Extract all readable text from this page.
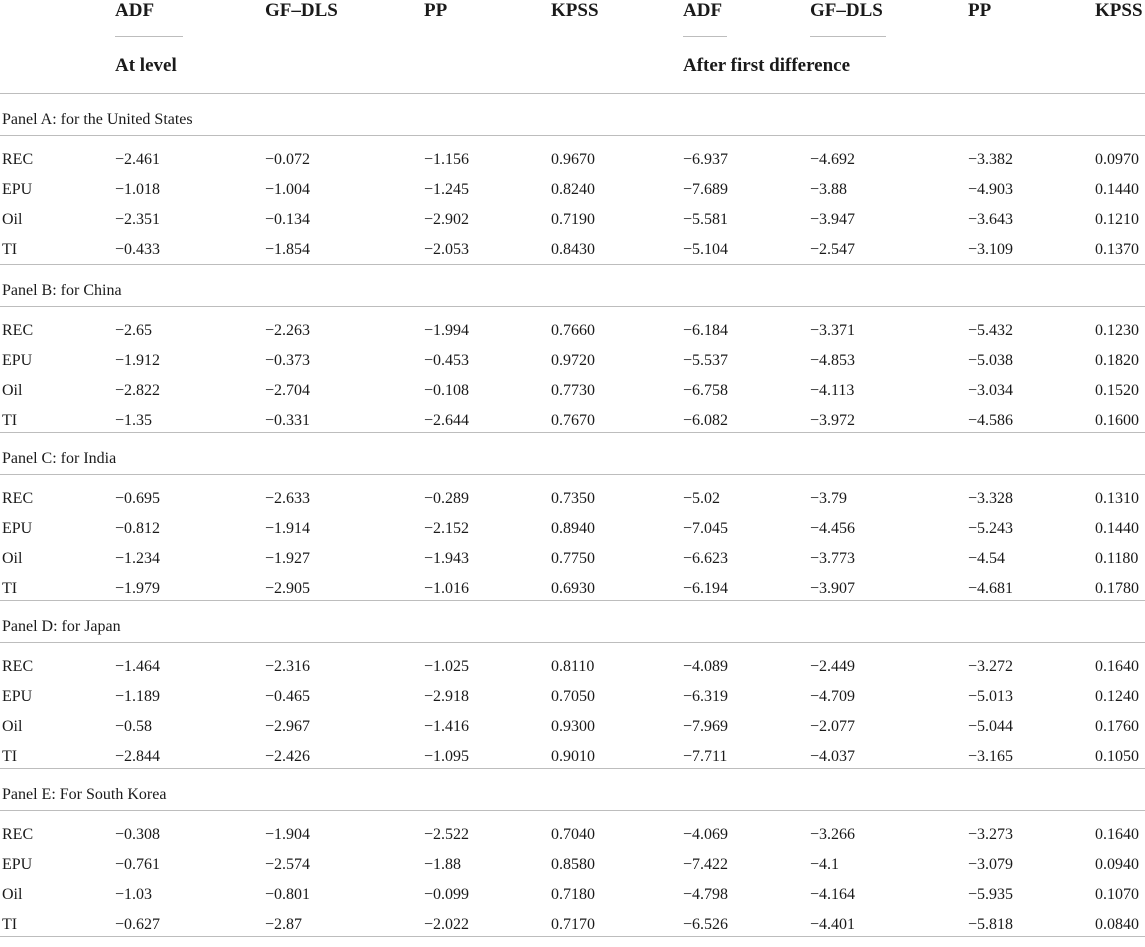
ADF	GF–DLS	PP	KPSS	ADF	GF–DLS	PP	KPSS
At level	After first difference
Panel A: for the United States
REC	−2.461	−0.072	−1.156	0.9670	−6.937	−4.692	−3.382	0.0970
EPU	−1.018	−1.004	−1.245	0.8240	−7.689	−3.88	−4.903	0.1440
Oil	−2.351	−0.134	−2.902	0.7190	−5.581	−3.947	−3.643	0.1210
TI	−0.433	−1.854	−2.053	0.8430	−5.104	−2.547	−3.109	0.1370
Panel B: for China
REC	−2.65	−2.263	−1.994	0.7660	−6.184	−3.371	−5.432	0.1230
EPU	−1.912	−0.373	−0.453	0.9720	−5.537	−4.853	−5.038	0.1820
Oil	−2.822	−2.704	−0.108	0.7730	−6.758	−4.113	−3.034	0.1520
TI	−1.35	−0.331	−2.644	0.7670	−6.082	−3.972	−4.586	0.1600
Panel C: for India
REC	−0.695	−2.633	−0.289	0.7350	−5.02	−3.79	−3.328	0.1310
EPU	−0.812	−1.914	−2.152	0.8940	−7.045	−4.456	−5.243	0.1440
Oil	−1.234	−1.927	−1.943	0.7750	−6.623	−3.773	−4.54	0.1180
TI	−1.979	−2.905	−1.016	0.6930	−6.194	−3.907	−4.681	0.1780
Panel D: for Japan
REC	−1.464	−2.316	−1.025	0.8110	−4.089	−2.449	−3.272	0.1640
EPU	−1.189	−0.465	−2.918	0.7050	−6.319	−4.709	−5.013	0.1240
Oil	−0.58	−2.967	−1.416	0.9300	−7.969	−2.077	−5.044	0.1760
TI	−2.844	−2.426	−1.095	0.9010	−7.711	−4.037	−3.165	0.1050
Panel E: For South Korea
REC	−0.308	−1.904	−2.522	0.7040	−4.069	−3.266	−3.273	0.1640
EPU	−0.761	−2.574	−1.88	0.8580	−7.422	−4.1	−3.079	0.0940
Oil	−1.03	−0.801	−0.099	0.7180	−4.798	−4.164	−5.935	0.1070
TI	−0.627	−2.87	−2.022	0.7170	−6.526	−4.401	−5.818	0.0840
